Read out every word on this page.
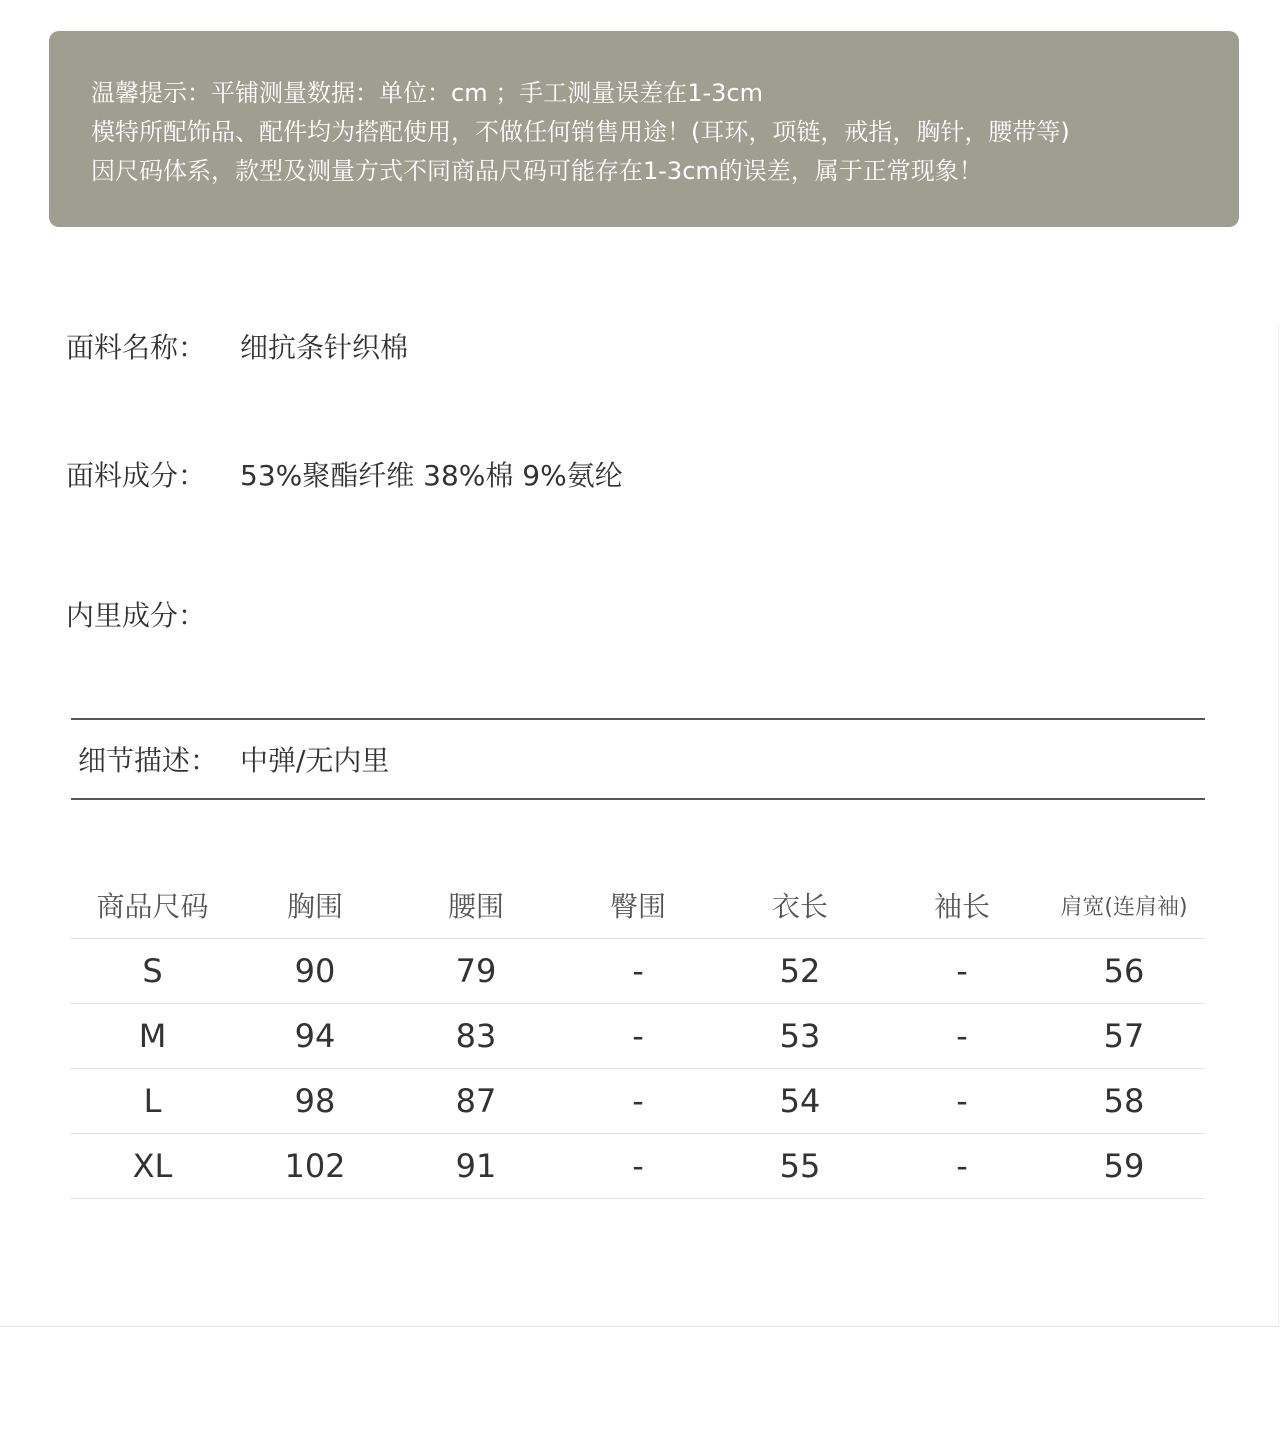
温馨提示：平铺测量数据：单位：cm ；手工测量误差在1-3cm
模特所配饰品、配件均为搭配使用，不做任何销售用途！(耳环，项链，戒指，胸针，腰带等)
因尺码体系，款型及测量方式不同商品尺码可能存在1-3cm的误差，属于正常现象！
面料名称： 细抗条针织棉
面料成分： 53%聚酯纤维 38%棉 9%氨纶
内里成分：
细节描述： 中弹/无内里
商品尺码	胸围	腰围	臀围	衣长	袖长	肩宽(连肩袖)
S	90	79	-	52	-	56
M	94	83	-	53	-	57
L	98	87	-	54	-	58
XL	102	91	-	55	-	59
